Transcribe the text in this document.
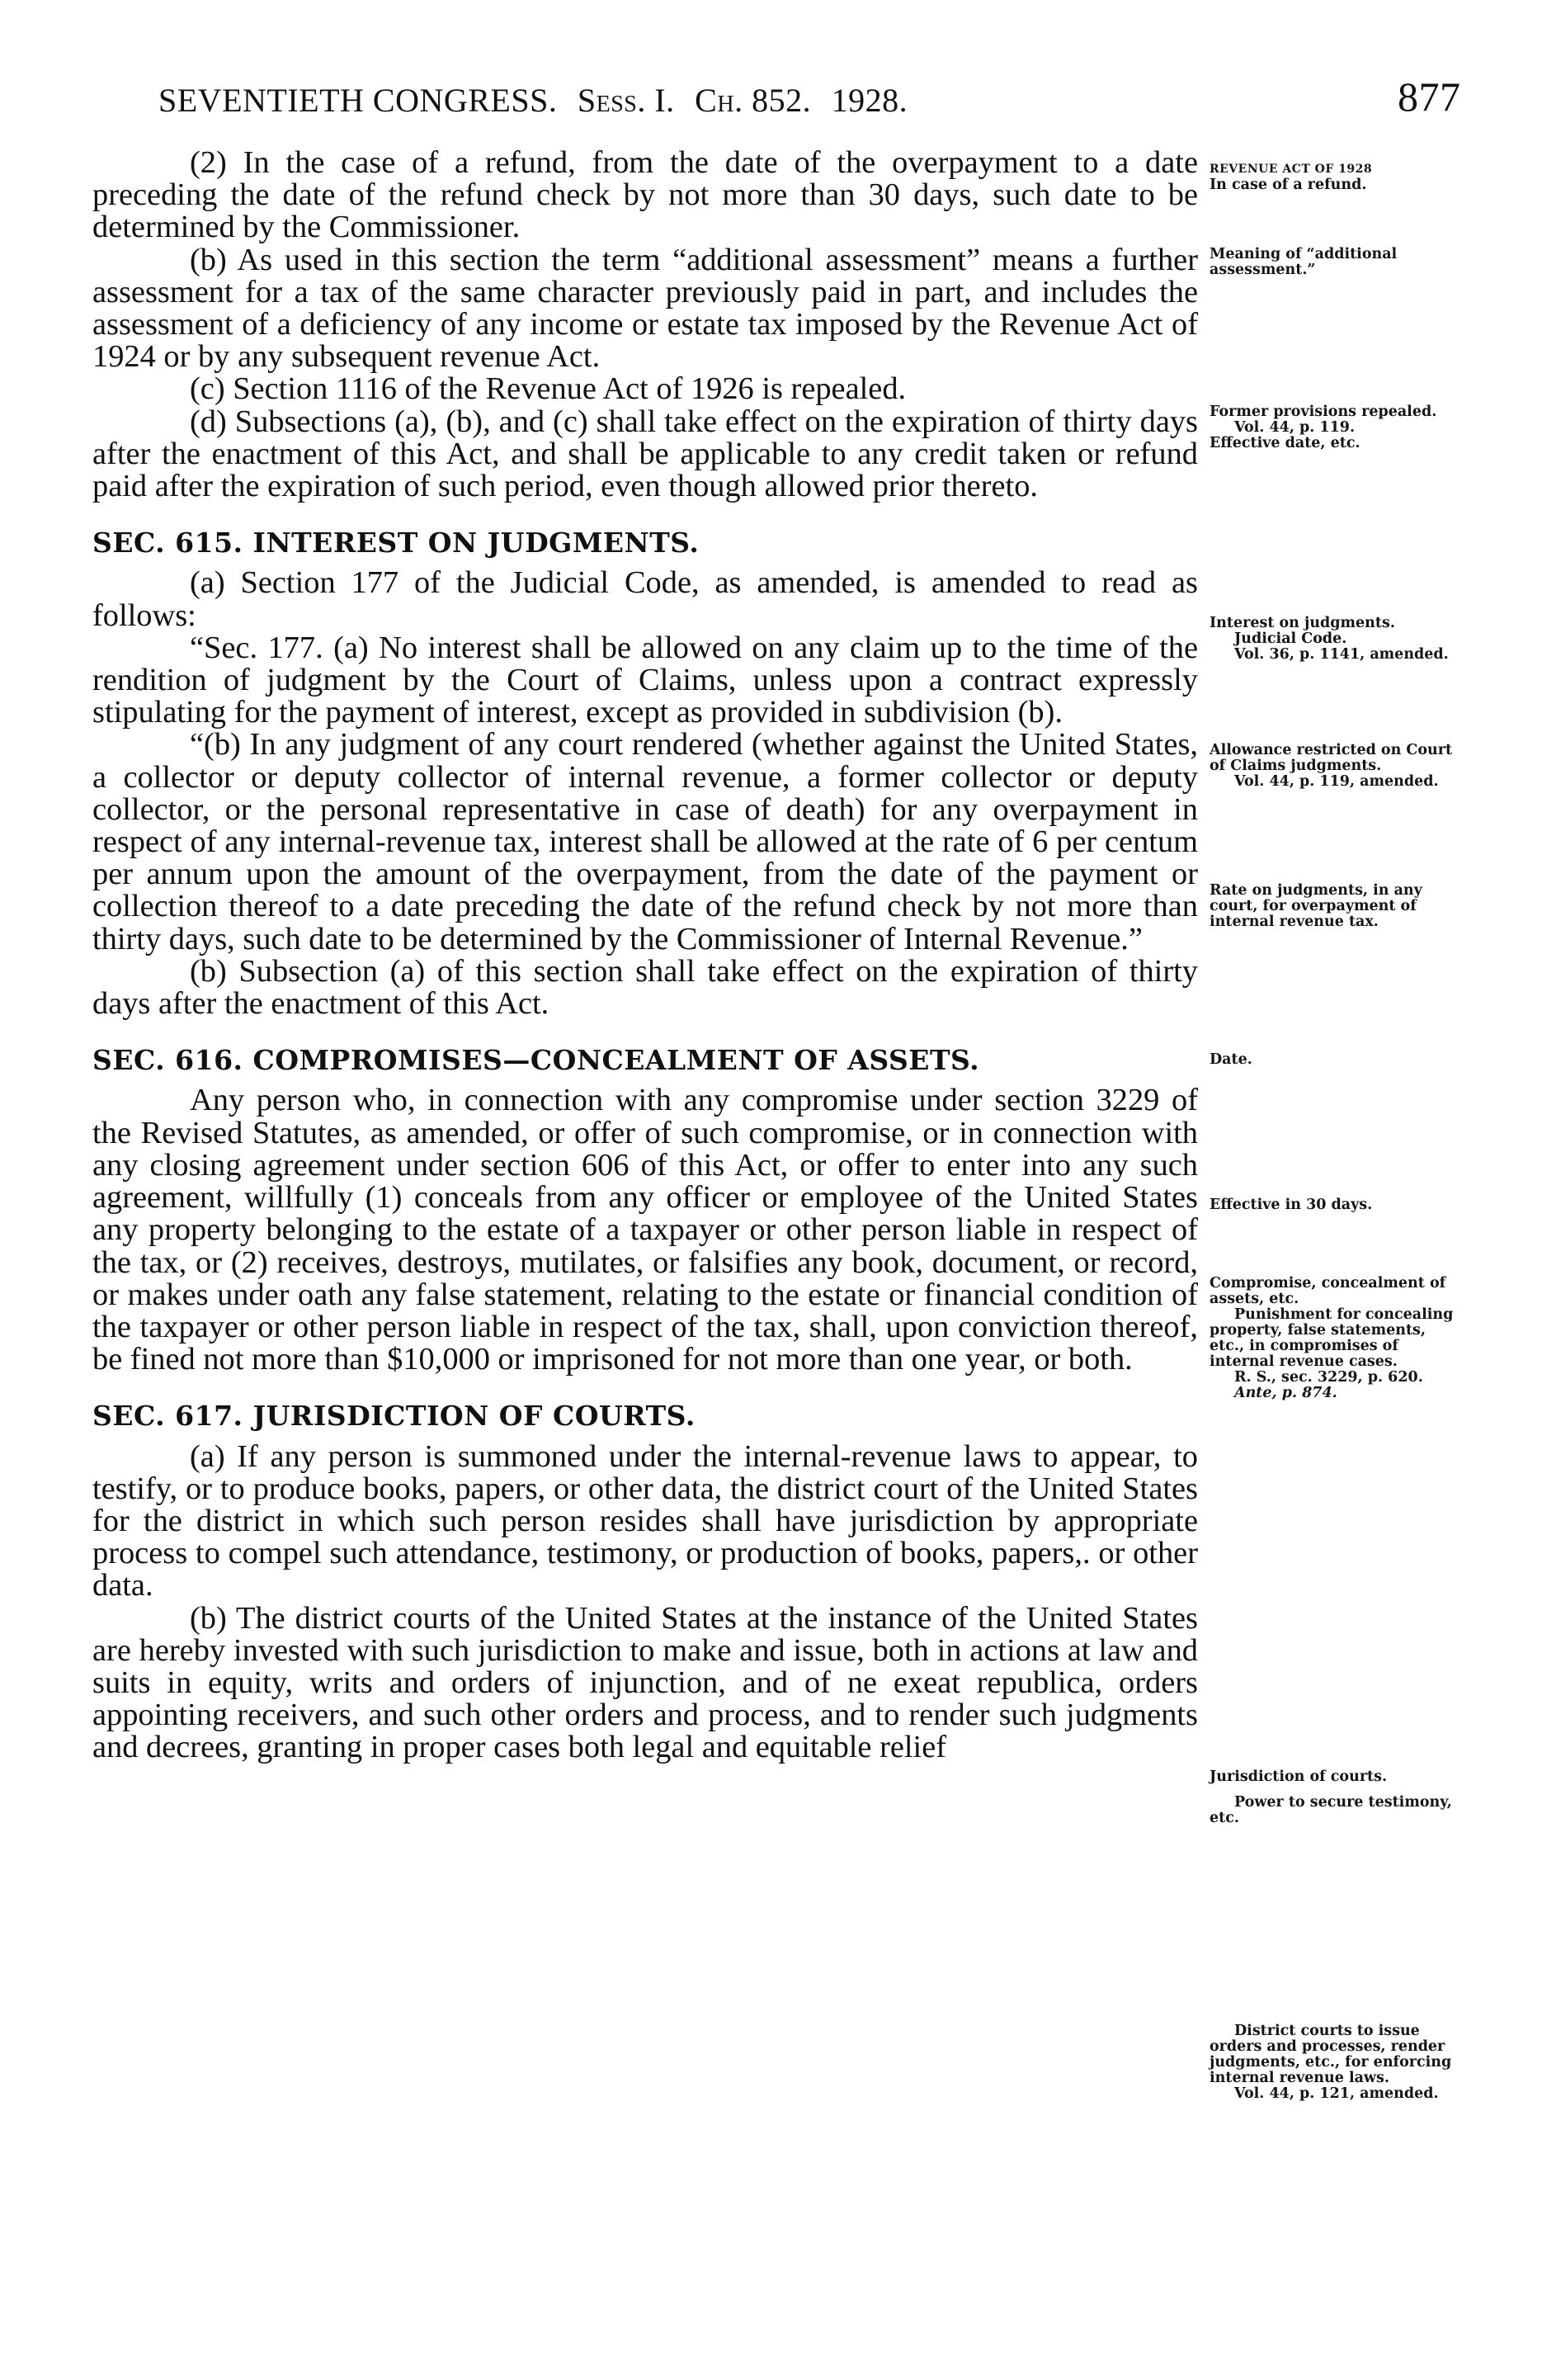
SEVENTIETH CONGRESS. Sess. I. Ch. 852. 1928.	877

(2) In the case of a refund, from the date of the overpayment to a date preceding the date of the refund check by not more than 30 days, such date to be determined by the Commissioner.

(b) As used in this section the term “additional assessment” means a further assessment for a tax of the same character previously paid in part, and includes the assessment of a deficiency of any income or estate tax imposed by the Revenue Act of 1924 or by any subsequent revenue Act.

(c) Section 1116 of the Revenue Act of 1926 is repealed.

(d) Subsections (a), (b), and (c) shall take effect on the expiration of thirty days after the enactment of this Act, and shall be applicable to any credit taken or refund paid after the expiration of such period, even though allowed prior thereto.

SEC. 615. INTEREST ON JUDGMENTS.

(a) Section 177 of the Judicial Code, as amended, is amended to read as follows:

“Sec. 177. (a) No interest shall be allowed on any claim up to the time of the rendition of judgment by the Court of Claims, unless upon a contract expressly stipulating for the payment of interest, except as provided in subdivision (b).

“(b) In any judgment of any court rendered (whether against the United States, a collector or deputy collector of internal revenue, a former collector or deputy collector, or the personal representative in case of death) for any overpayment in respect of any internal-revenue tax, interest shall be allowed at the rate of 6 per centum per annum upon the amount of the overpayment, from the date of the payment or collection thereof to a date preceding the date of the refund check by not more than thirty days, such date to be determined by the Commissioner of Internal Revenue.”

(b) Subsection (a) of this section shall take effect on the expiration of thirty days after the enactment of this Act.

SEC. 616. COMPROMISES—CONCEALMENT OF ASSETS.

Any person who, in connection with any compromise under section 3229 of the Revised Statutes, as amended, or offer of such compromise, or in connection with any closing agreement under section 606 of this Act, or offer to enter into any such agreement, willfully (1) conceals from any officer or employee of the United States any property belonging to the estate of a taxpayer or other person liable in respect of the tax, or (2) receives, destroys, mutilates, or falsifies any book, document, or record, or makes under oath any false statement, relating to the estate or financial condition of the taxpayer or other person liable in respect of the tax, shall, upon conviction thereof, be fined not more than $10,000 or imprisoned for not more than one year, or both.

SEC. 617. JURISDICTION OF COURTS.

(a) If any person is summoned under the internal-revenue laws to appear, to testify, or to produce books, papers, or other data, the district court of the United States for the district in which such person resides shall have jurisdiction by appropriate process to compel such attendance, testimony, or production of books, papers,. or other data.

(b) The district courts of the United States at the instance of the United States are hereby invested with such jurisdiction to make and issue, both in actions at law and suits in equity, writs and orders of injunction, and of ne exeat republica, orders appointing receivers, and such other orders and process, and to render such judgments and decrees, granting in proper cases both legal and equitable relief

REVENUE ACT OF 1928
In case of a refund.
Meaning of “additional assessment.”
Former provisions repealed.
Vol. 44, p. 119.
Effective date, etc.
Interest on judgments.
Judicial Code.
Vol. 36, p. 1141, amended.
Allowance restricted on Court of Claims judgments.
Vol. 44, p. 119, amended.
Rate on judgments, in any court, for overpayment of internal revenue tax.
Date.
Effective in 30 days.
Compromise, concealment of assets, etc.
Punishment for concealing property, false statements, etc., in compromises of internal revenue cases.
R. S., sec. 3229, p. 620.
Ante, p. 874.
Jurisdiction of courts.
Power to secure testimony, etc.
District courts to issue orders and processes, render judgments, etc., for enforcing internal revenue laws.
Vol. 44, p. 121, amended.
